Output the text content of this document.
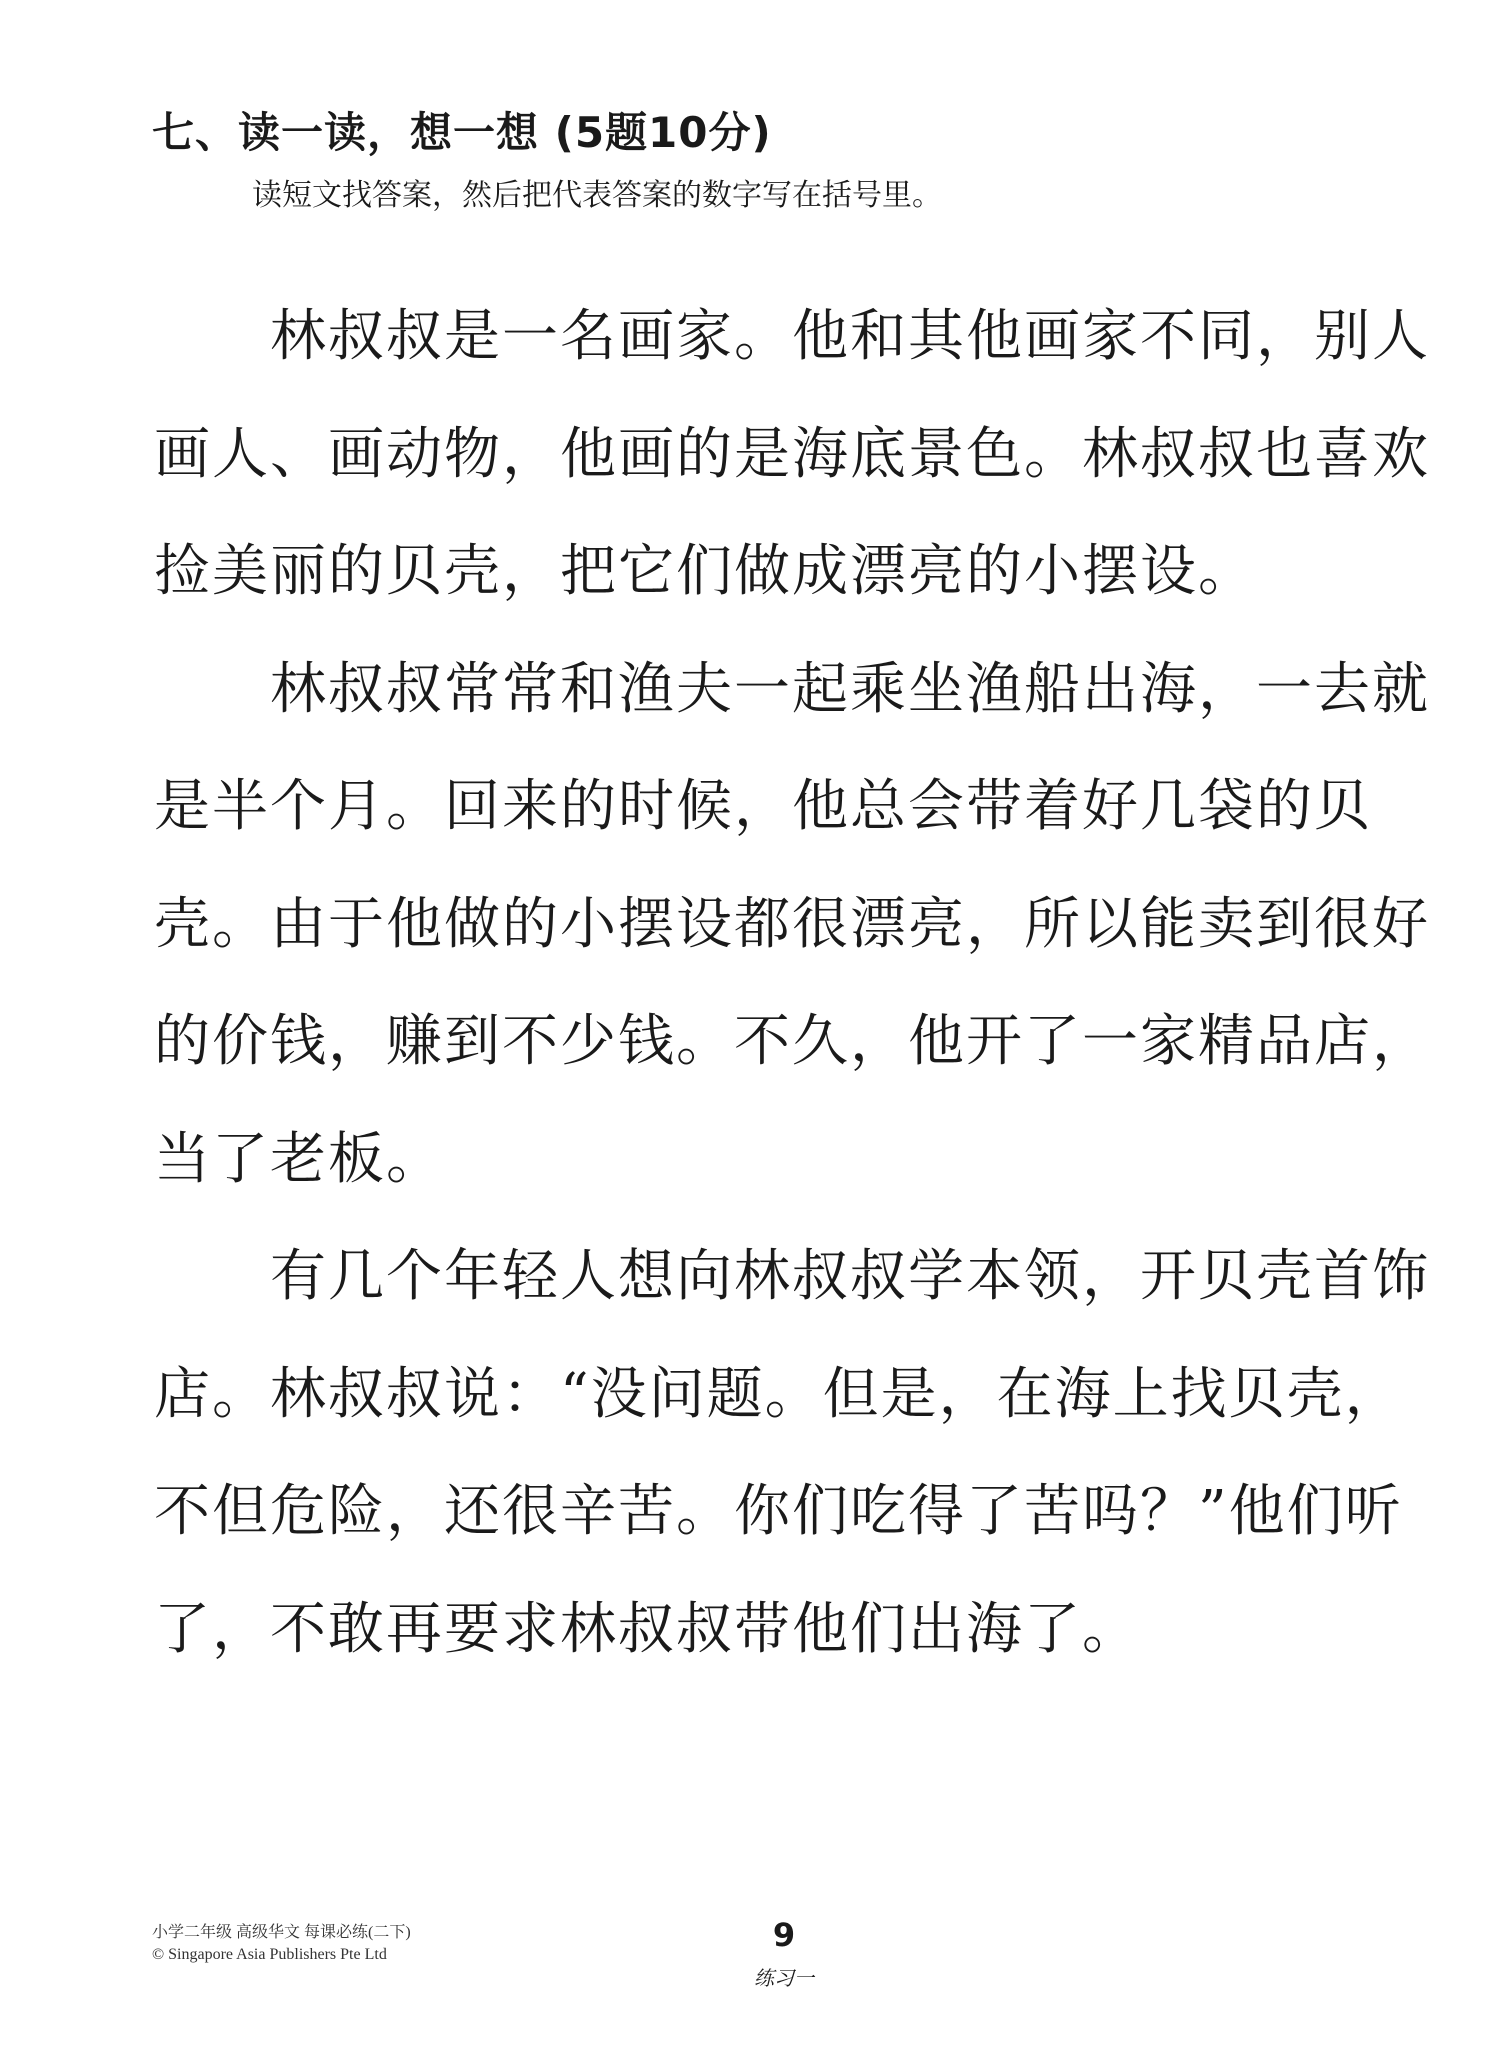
七、读一读，想一想 (5题10分)
读短文找答案，然后把代表答案的数字写在括号里。
林叔叔是一名画家。他和其他画家不同，别人
画人、画动物，他画的是海底景色。林叔叔也喜欢
捡美丽的贝壳，把它们做成漂亮的小摆设。
林叔叔常常和渔夫一起乘坐渔船出海，一去就
是半个月。回来的时候，他总会带着好几袋的贝
壳。由于他做的小摆设都很漂亮，所以能卖到很好
的价钱，赚到不少钱。不久，他开了一家精品店，
当了老板。
有几个年轻人想向林叔叔学本领，开贝壳首饰
店。林叔叔说：“没问题。但是，在海上找贝壳，
不但危险，还很辛苦。你们吃得了苦吗？”他们听
了，不敢再要求林叔叔带他们出海了。
小学二年级 高级华文 每课必练(二下)
© Singapore Asia Publishers Pte Ltd
9
练习一
